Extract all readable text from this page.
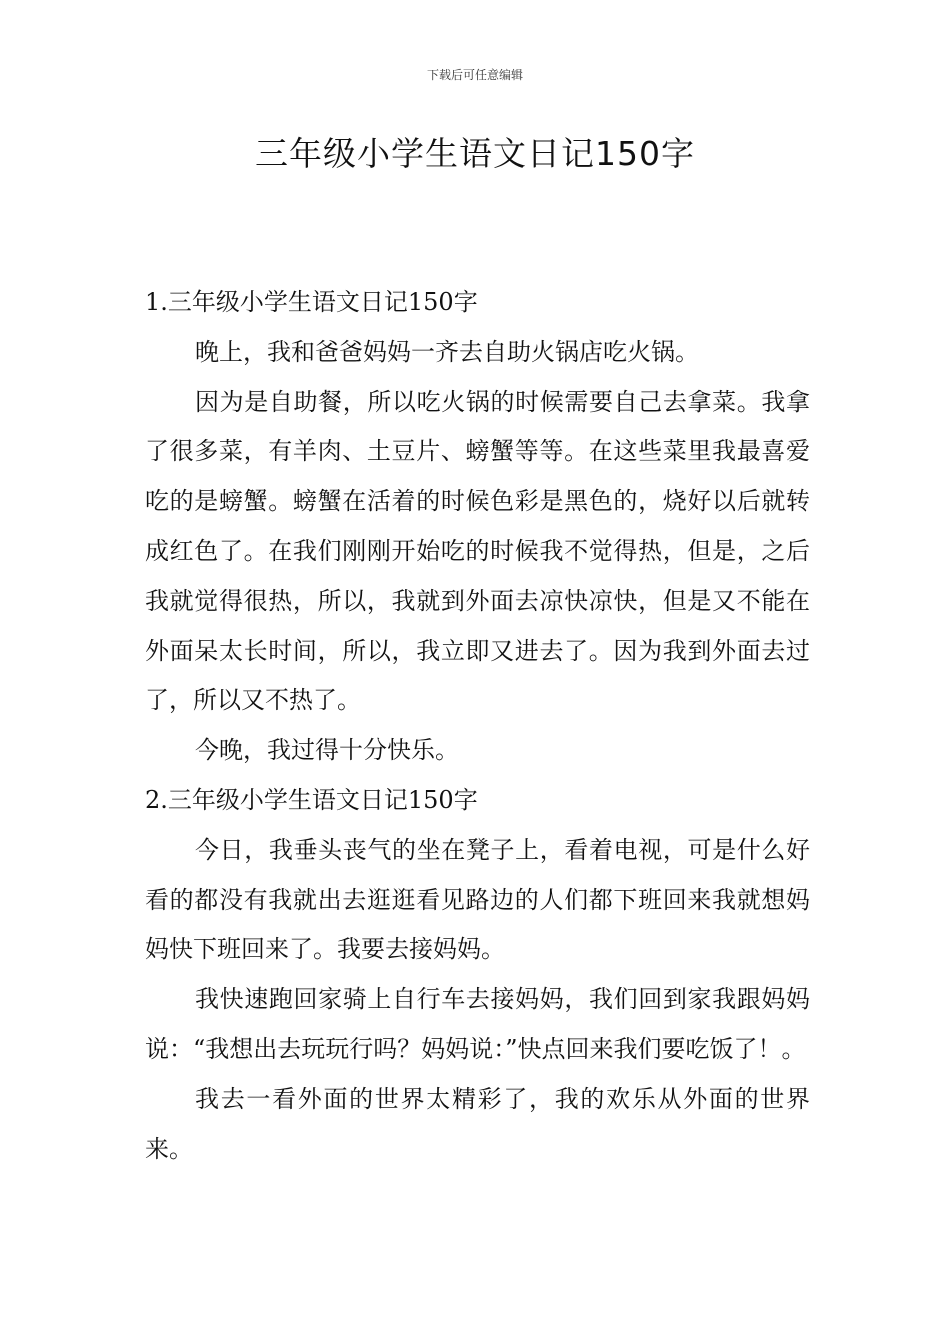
下载后可任意编辑
三年级小学生语文日记150字

1.三年级小学生语文日记150字

晚上，我和爸爸妈妈一齐去自助火锅店吃火锅。

因为是自助餐，所以吃火锅的时候需要自己去拿菜。我拿了很多菜，有羊肉、土豆片、螃蟹等等。在这些菜里我最喜爱吃的是螃蟹。螃蟹在活着的时候色彩是黑色的，烧好以后就转成红色了。在我们刚刚开始吃的时候我不觉得热，但是，之后我就觉得很热，所以，我就到外面去凉快凉快，但是又不能在外面呆太长时间，所以，我立即又进去了。因为我到外面去过了，所以又不热了。

今晚，我过得十分快乐。

2.三年级小学生语文日记150字

今日，我垂头丧气的坐在凳子上，看着电视，可是什么好看的都没有我就出去逛逛看见路边的人们都下班回来我就想妈妈快下班回来了。我要去接妈妈。

我快速跑回家骑上自行车去接妈妈，我们回到家我跟妈妈说：“我想出去玩玩行吗？妈妈说：”快点回来我们要吃饭了！。

我去一看外面的世界太精彩了，我的欢乐从外面的世界来。
